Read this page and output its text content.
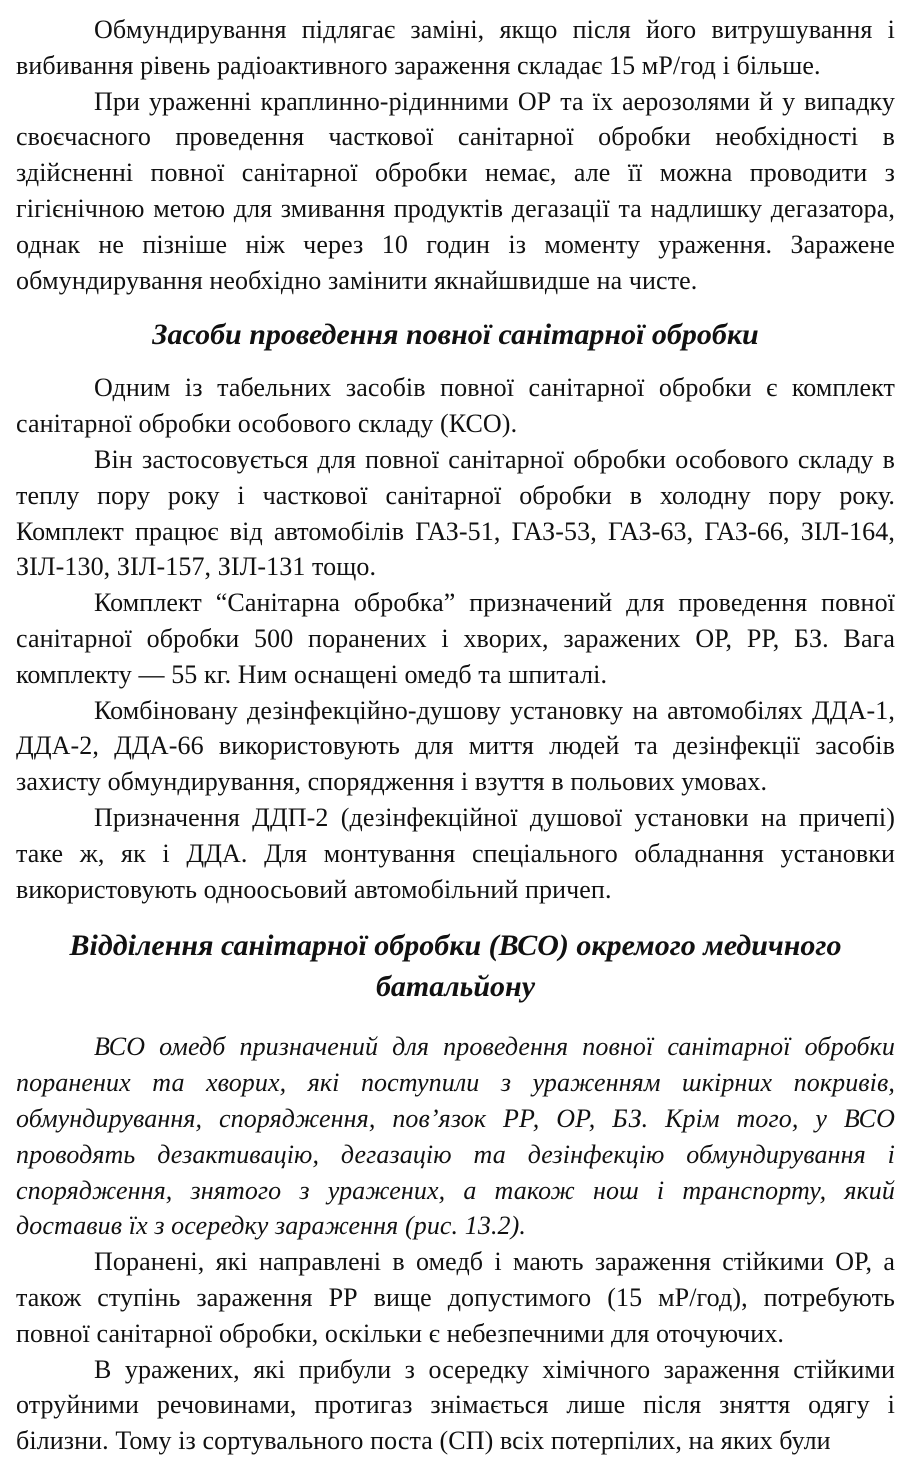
Обмундирування підлягає заміні, якщо після його витрушування і вибивання рівень радіоактивного зараження складає 15 мР/год і більше.

При ураженні краплинно-рідинними ОР та їх аерозолями й у випадку своєчасного проведення часткової санітарної обробки необхідності в здійсненні повної санітарної обробки немає, але її можна проводити з гігієнічною метою для змивання продуктів дегазації та надлишку дегазатора, однак не пізніше ніж через 10 годин із моменту ураження. Заражене обмундирування необхідно замінити якнайшвидше на чисте.

Засоби проведення повної санітарної обробки

Одним із табельних засобів повної санітарної обробки є комплект санітарної обробки особового складу (КСО).

Він застосовується для повної санітарної обробки особового складу в теплу пору року і часткової санітарної обробки в холодну пору року. Комплект працює від автомобілів ГАЗ-51, ГАЗ-53, ГАЗ-63, ГАЗ-66, ЗІЛ-164, ЗІЛ-130, ЗІЛ-157, ЗІЛ-131 тощо.

Комплект “Санітарна обробка” призначений для проведення повної санітарної обробки 500 поранених і хворих, заражених ОР, РР, БЗ. Вага комплекту — 55 кг. Ним оснащені омедб та шпиталі.

Комбіновану дезінфекційно-душову установку на автомобілях ДДА-1, ДДА-2, ДДА-66 використовують для миття людей та дезінфекції засобів захисту обмундирування, спорядження і взуття в польових умовах.

Призначення ДДП-2 (дезінфекційної душової установки на причепі) таке ж, як і ДДА. Для монтування спеціального обладнання установки використовують одноосьовий автомобільний причеп.

Відділення санітарної обробки (ВСО) окремого медичного батальйону

ВСО омедб призначений для проведення повної санітарної обробки поранених та хворих, які поступили з ураженням шкірних покривів, обмундирування, спорядження, пов’язок РР, ОР, БЗ. Крім того, у ВСО проводять дезактивацію, дегазацію та дезінфекцію обмундирування і спорядження, знятого з уражених, а також нош і транспорту, який доставив їх з осередку зараження (рис. 13.2).

Поранені, які направлені в омедб і мають зараження стійкими ОР, а також ступінь зараження РР вище допустимого (15 мР/год), потребують повної санітарної обробки, оскільки є небезпечними для оточуючих.

В уражених, які прибули з осередку хімічного зараження стійкими отруйними речовинами, протигаз знімається лише після зняття одягу і білизни. Тому із сортувального поста (СП) всіх потерпілих, на яких були
